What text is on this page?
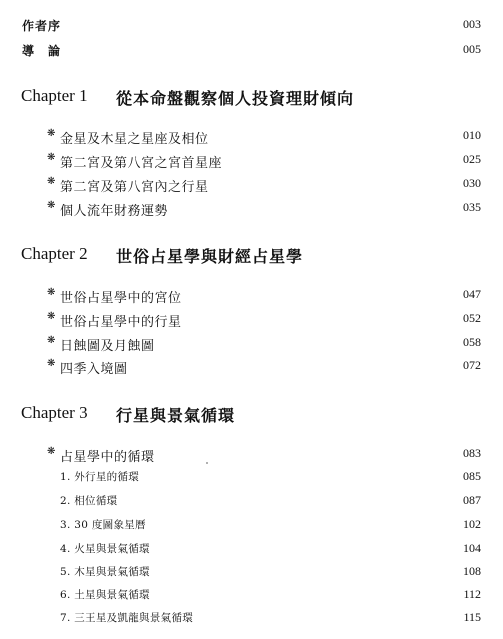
作者序	003
導　論	005
Chapter 1 從本命盤觀察個人投資理財傾向
❋ 金星及木星之星座及相位	010
❋ 第二宮及第八宮之宮首星座	025
❋ 第二宮及第八宮內之行星	030
❋ 個人流年財務運勢	035
Chapter 2 世俗占星學與財經占星學
❋ 世俗占星學中的宮位	047
❋ 世俗占星學中的行星	052
❋ 日蝕圖及月蝕圖	058
❋ 四季入境圖	072
Chapter 3 行星與景氣循環
❋ 占星學中的循環	083
1. 外行星的循環	085
2. 相位循環	087
3. 30 度圖象星曆	102
4. 火星與景氣循環	104
5. 木星與景氣循環	108
6. 土星與景氣循環	112
7. 三王星及凱龍與景氣循環	115
